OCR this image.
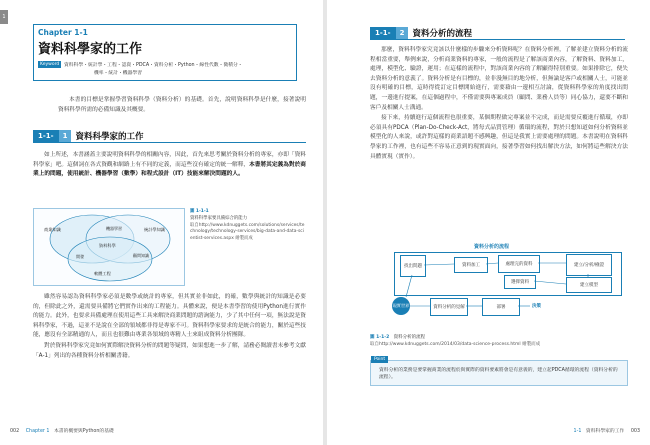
1
Chapter 1-1
資料科學家的工作
Keyword 資料科學・統計學・工程・認資・PDCA・資料分析・Python・線性代數・微積分・
機率・統計・機器學習

本書的目標是掌握學習資料科學（資料分析）的基礎。首先，說明資料科學是什麼，接著說明資料科學所需的必備知識及其概要。

1-1-	1 資料科學家的工作

如上所述，本書涵蓋主要說明資料科學的相關內容，因此，首先來思考關於資料分析的專家，亦即「資料科學家」吧。這個詞在各式資觀和網路上有不同的定義，而這些沒有確定的統一解釋，本書將其定義為對於商業上的問題，使用統計、機器學習（數學）和程式設計（IT）技能來解決問題的人。

商業知識	統計學知識
資料科學
機器學習
開發	顧問知識
軟體工程
圖 1-1-1
資料科學家要具備綜合的能力
取自http://www.kdnuggets.com/solutions/services/technology/technology-services/big-data-and-data-scientist-services.aspx 繪製而成

雖然容易認為資料科學家必須是數學或統計的專家，但其實並非如此，的確，數學與統計的知識是必要的，但除此之外，還需要具備將它們實作出來的工程能力。具體來說，便是本書學習的使用Python進行實作的能力。此外，也要求具備處理在使用這些工具來解決商業問題的諮詢能力，少了其中任何一項，無法說是資料科學家，不過，這並不是說在全部的領域都非得是專家不可。資料科學家要求的是統合的能力，關於這些技能，應沒有全部精通的人，而且也很難由專業各領域的專精人士來組成資料分析團隊。

對於資料科學家究竟如何實際解決資料分析的問題等疑問，如果想進一步了解，請務必閱讀書末參考文獻「A-1」列出的各種資料分析相關書籍。

002 Chapter 1 本書的概要與Python的基礎
1-1-	2 資料分析的流程

那麼，資料科學家究竟該以什麼樣的步驟來分析資料呢？在資料分析裡，了解並建立資料分析的流程相當重要，舉例來說，分析商業資料的專家，一般的流程是了解該商業內容，了解資料、資料加工，處理，模型化、驗證，運用；在這樣的流程中，對該商業內容的了解顯得特別重要。如果排除它，便失去資料分析的意義了。資料分析是有目標的，並非漫無目的地分析，但無論是客戶或相關人士，可能並沒有明確的目標，這時得從訂定目標開始進行，需要藉由一邊相互討論，從資料科學家的角度找出問題，一邊進行提案，在這個過程中，不僅需要與專案成員（顧問、業務人員等）同心協力，還要不斷和客戶及相關人士溝通。

接下來，持續進行這個流程也很重要，某個期程做完專案並不完成，而是需要反覆進行循環，亦即必須具有PDCA（Plan-Do-Check-Act，將每式品質管理）循環的流程，對於只想知道如何分析資料並模型化的人來說，或許對這樣的商業語題不感興趣，但這是我實上需要處理的問題。本書說明在資料科學家的工作裡，也有這些不容易正意到的現實面向，接著學習如何找出解決方法，如何將這些解決方法具體實現（實作）。

資料分析的流程
找出問題	資料加工	處理完的資料	建立/分析/檢證
建立模型
選擇資料
現實世界	資料分析的見解	部署	決策
圖 1-1-2 資料分析的流程
取自http://www.kdnuggets.com/2014/03/data-science-process.html 繪製而成
Point
資料分析的業務是要掌握商業的流程於與實際的資料要素將會是有意義的，建立起PDCA循環的流程（資料分析的流程）。
1-1 資料科學家的工作 003
